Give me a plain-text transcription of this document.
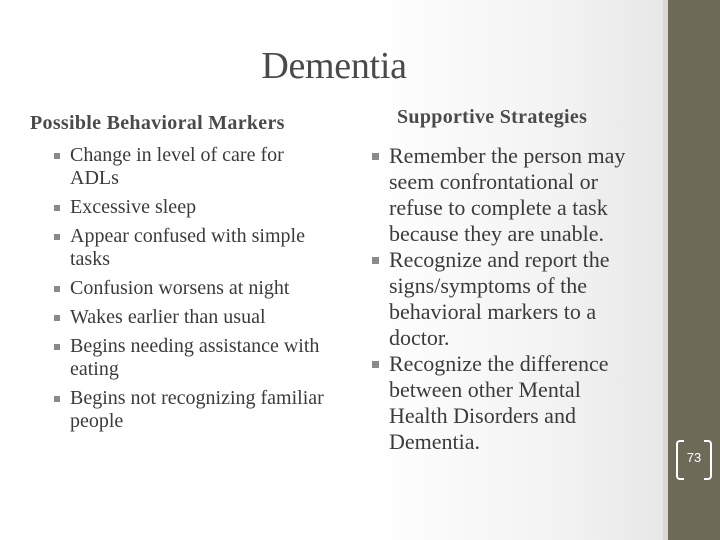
Dementia
Possible Behavioral Markers
Change in level of care for ADLs
Excessive sleep
Appear confused with simple tasks
Confusion worsens at night
Wakes earlier than usual
Begins needing assistance with eating
Begins not recognizing familiar people
Supportive Strategies
Remember the person may seem confrontational or refuse to complete a task because they are unable.
Recognize and report the signs/symptoms of the behavioral markers to a doctor.
Recognize the difference between other Mental Health Disorders and Dementia.
73
